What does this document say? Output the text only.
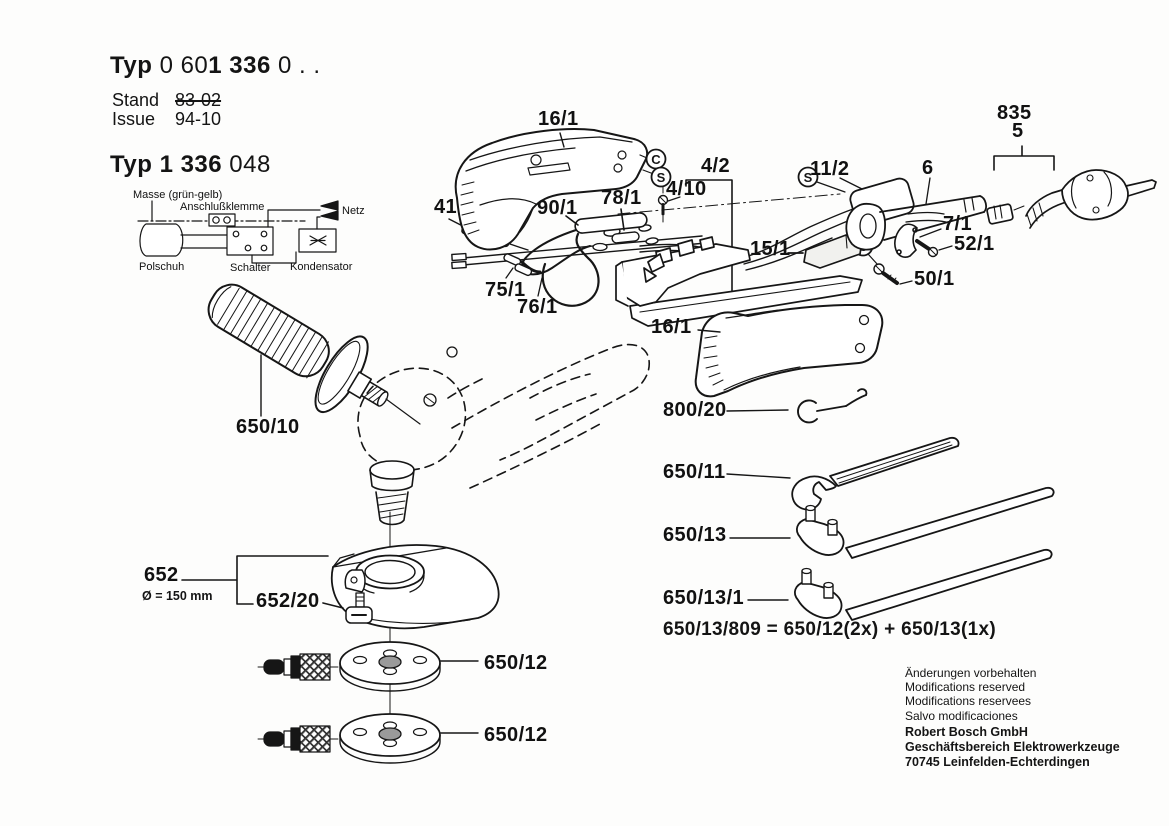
C
S	S
Typ 0 601 336 0 . .
Stand 83-02
Issue 94-10
Typ 1 336 048
Masse (grün-gelb)
Anschlußklemme	Netz
Polschuh	Schalter Kondensator
16/1
41	90/1 78/1 4/10
4/2	11/2	6
835
5
7/1
52/1
15/1
50/1
75/1
76/1
16/1
650/10
800/20
650/11
650/13
650/13/1
652
Ø = 150 mm 652/20
650/12
650/12
650/13/809 = 650/12(2x) + 650/13(1x)
Änderungen vorbehalten
Modifications reserved
Modifications reservees
Salvo modificaciones
Robert Bosch GmbH
Geschäftsbereich Elektrowerkzeuge
70745 Leinfelden-Echterdingen
